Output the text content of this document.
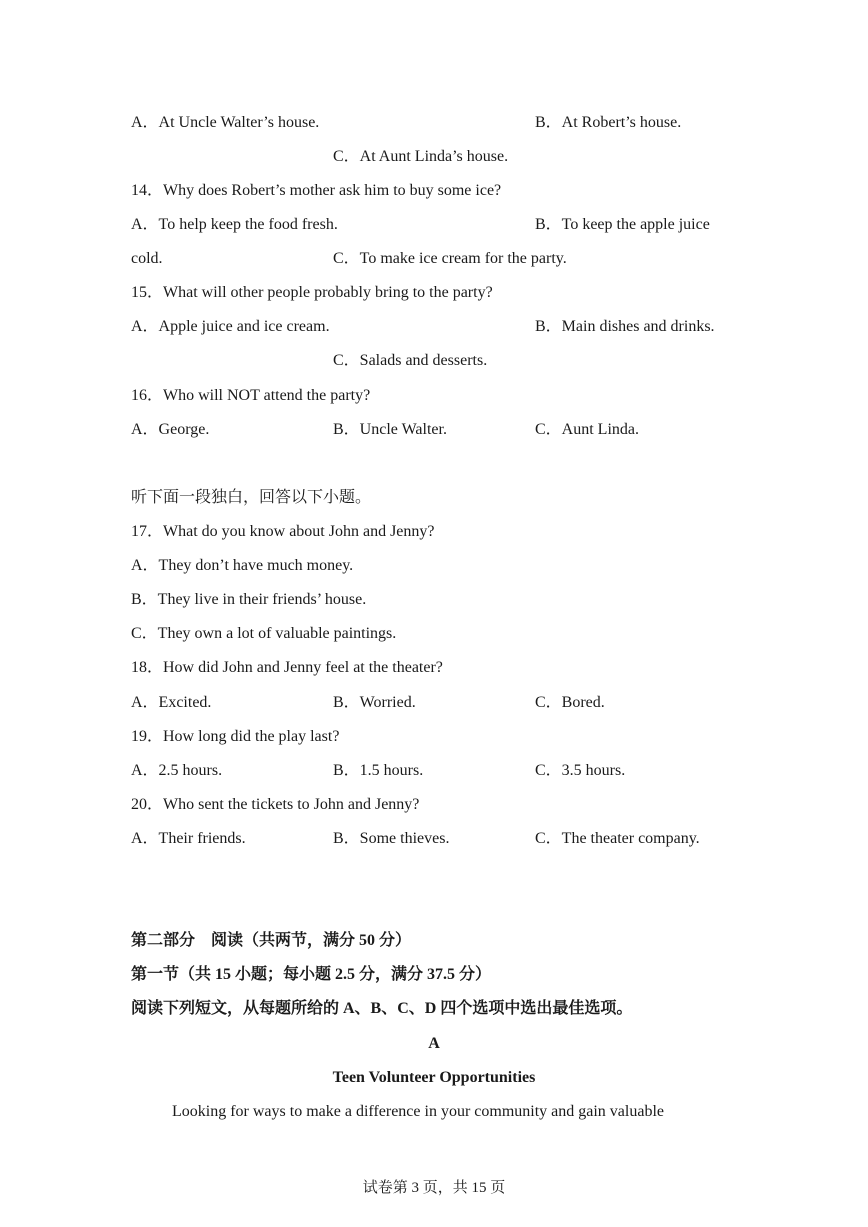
A．At Uncle Walter’s house.	B．At Robert’s house.
C．At Aunt Linda’s house.
14．Why does Robert’s mother ask him to buy some ice?
A．To help keep the food fresh.	B．To keep the apple juice
cold.	C．To make ice cream for the party.
15．What will other people probably bring to the party?
A．Apple juice and ice cream.	B．Main dishes and drinks.
C．Salads and desserts.
16．Who will NOT attend the party?
A．George.	B．Uncle Walter.	C．Aunt Linda.
听下面一段独白，回答以下小题。
17．What do you know about John and Jenny?
A．They don’t have much money.
B．They live in their friends’ house.
C．They own a lot of valuable paintings.
18．How did John and Jenny feel at the theater?
A．Excited.	B．Worried.	C．Bored.
19．How long did the play last?
A．2.5 hours.	B．1.5 hours.	C．3.5 hours.
20．Who sent the tickets to John and Jenny?
A．Their friends.	B．Some thieves.	C．The theater company.
第二部分　阅读（共两节，满分 50 分）
第一节（共 15 小题；每小题 2.5 分，满分 37.5 分）
阅读下列短文，从每题所给的 A、B、C、D 四个选项中选出最佳选项。
A
Teen Volunteer Opportunities
Looking for ways to make a difference in your community and gain valuable
试卷第 3 页，共 15 页
